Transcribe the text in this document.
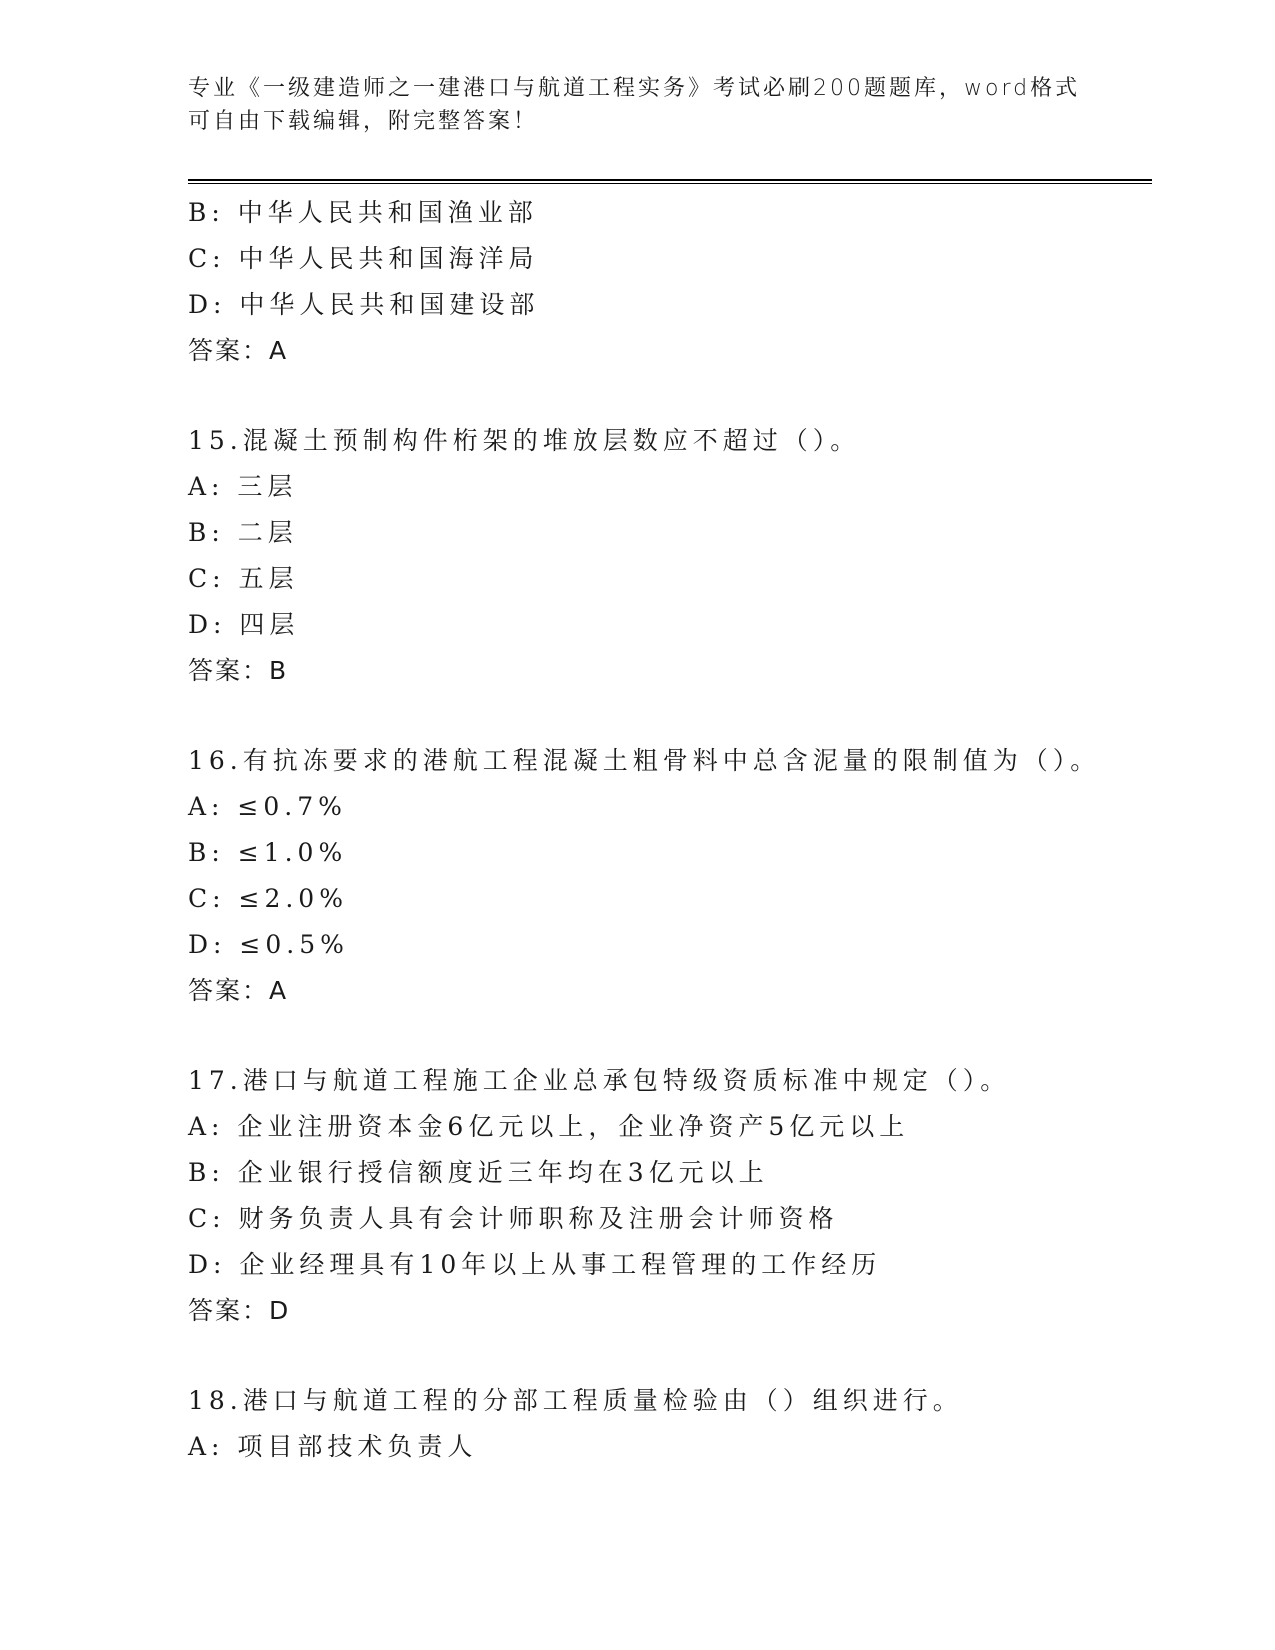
专业《一级建造师之一建港口与航道工程实务》考试必刷200题题库，word格式
可自由下载编辑，附完整答案！
B: 中华人民共和国渔业部
C: 中华人民共和国海洋局
D: 中华人民共和国建设部
答案：A
15.混凝土预制构件桁架的堆放层数应不超过（）。
A: 三层
B: 二层
C: 五层
D: 四层
答案：B
16.有抗冻要求的港航工程混凝土粗骨料中总含泥量的限制值为（）。
A: ≤0.7%
B: ≤1.0%
C: ≤2.0%
D: ≤0.5%
答案：A
17.港口与航道工程施工企业总承包特级资质标准中规定（）。
A: 企业注册资本金6亿元以上，企业净资产5亿元以上
B: 企业银行授信额度近三年均在3亿元以上
C: 财务负责人具有会计师职称及注册会计师资格
D: 企业经理具有10年以上从事工程管理的工作经历
答案：D
18.港口与航道工程的分部工程质量检验由（）组织进行。
A: 项目部技术负责人
